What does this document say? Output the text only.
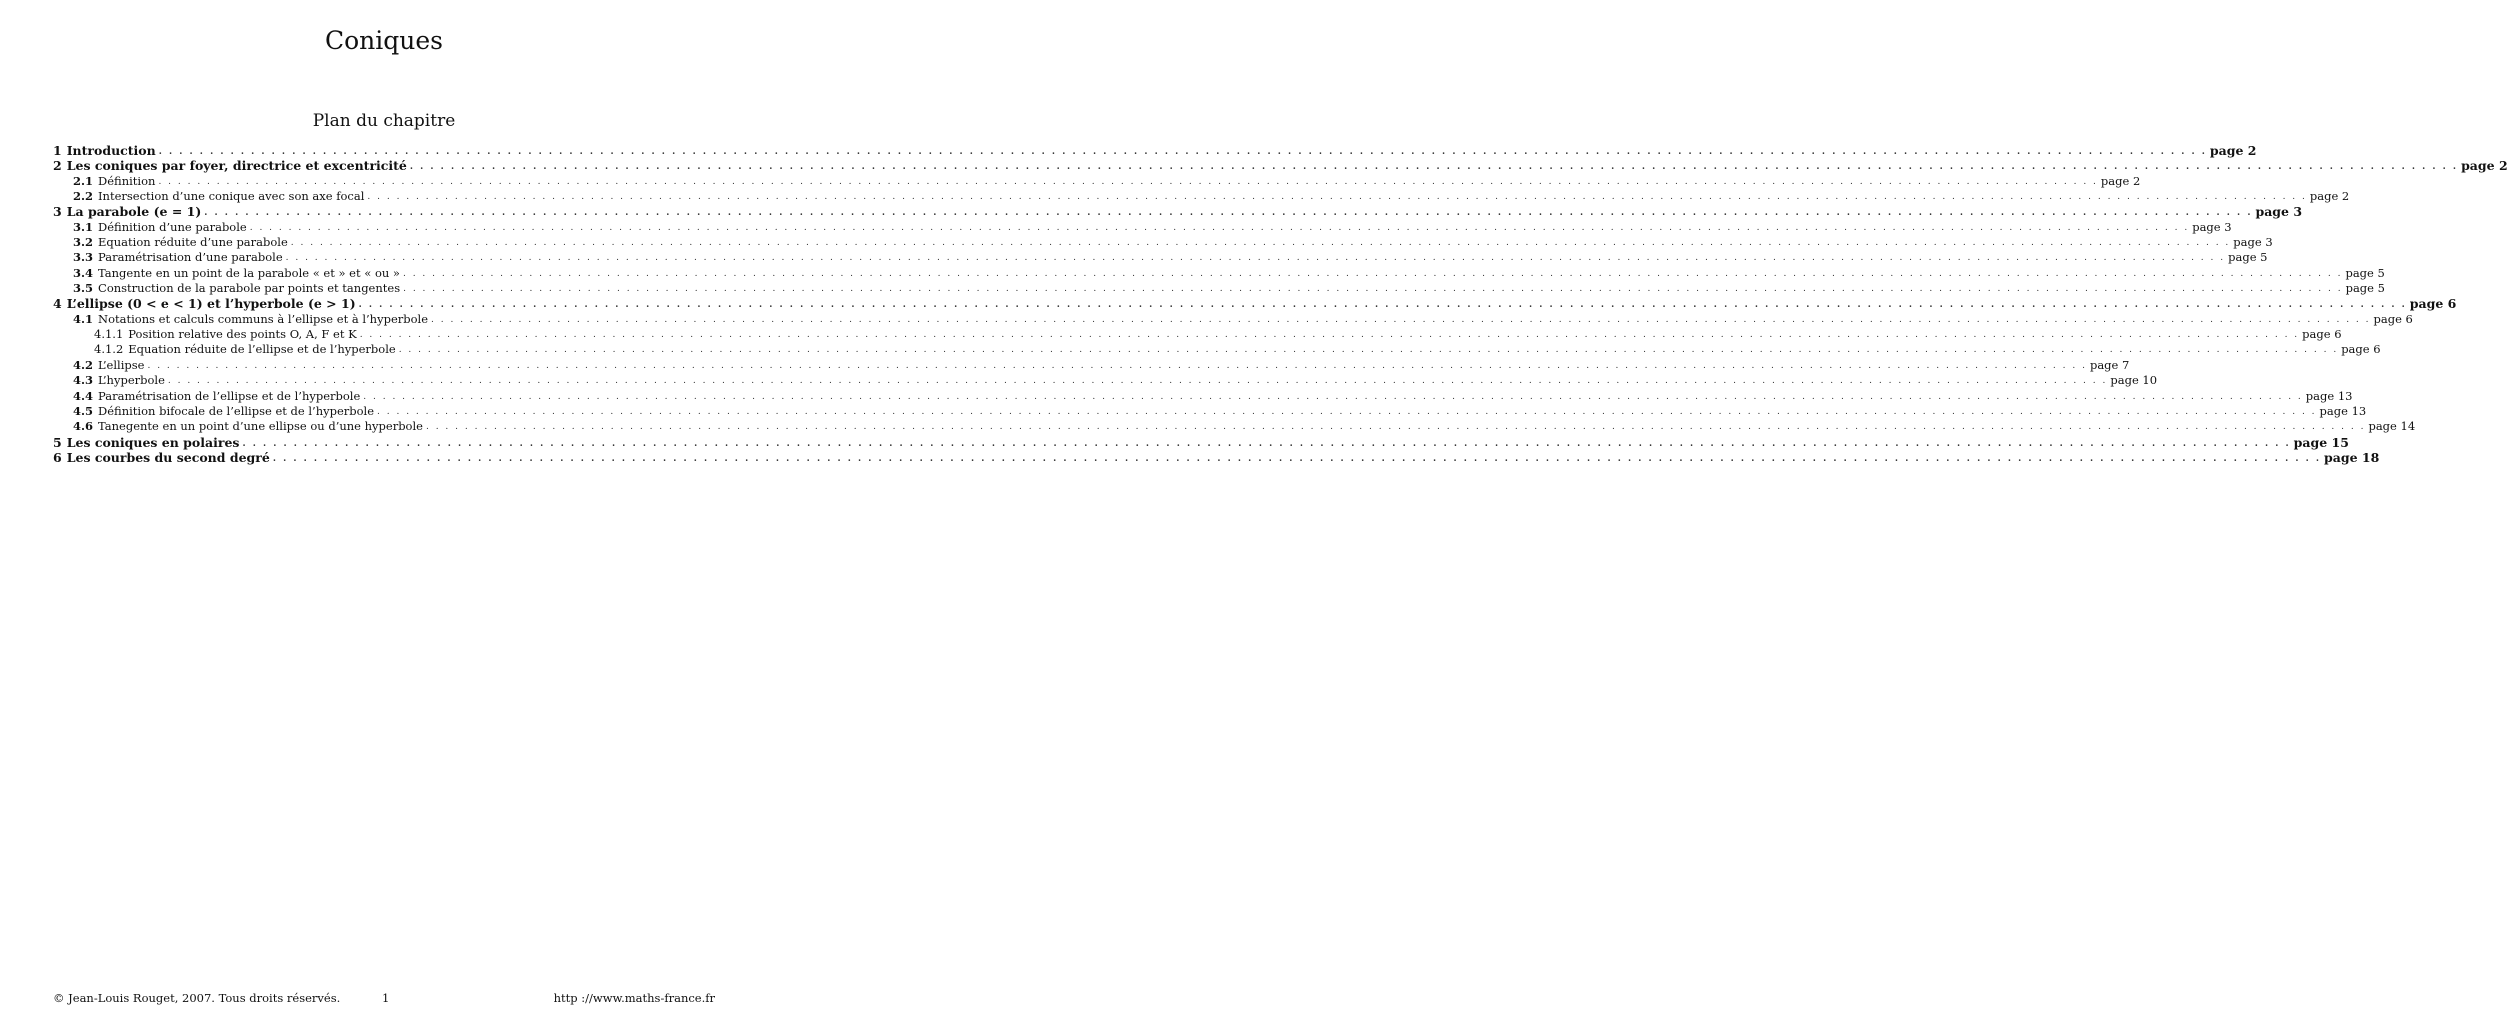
Coniques
Plan du chapitre
1 Introduction . . . . . . . . . . . . . . . . . . . . . . . . . . . . . . . . . . . . . . . . . . . . . . . . . . . . . . . . . . . . . . . . . . . . . . . . . . . . . . . . . . . . . . . . . . . . . . . . . . . . . . . . . . . . . . . . . . . . . . . . . . . . . . . . . . . . . . . . . . . . . . . . . . . . . . . . . . . . . . . . . . . . . . . . . . . . . . . . . . . . . . . . . . . . . . . . . . . . . . . . page 2
2 Les coniques par foyer, directrice et excentricité . . . . . . . . . . . . . . . . . . . . . . . . . . . . . . . . . . . . . . . . . . . . . . . . . . . . . . . . . . . . . . . . . . . . . . . . . . . . . . . . . . . . . . . . . . . . . . . . . . . . . . . . . . . . . . . . . . . . . . . . . . . . . . . . . . . . . . . . . . . . . . . . . . . . . . . . . . . . . . . . . . . . . . . . . . . . . . . . . . . . . . . . . . . . . . . . . . . . . . . . page 2
2.1 Définition . . . . . . . . . . . . . . . . . . . . . . . . . . . . . . . . . . . . . . . . . . . . . . . . . . . . . . . . . . . . . . . . . . . . . . . . . . . . . . . . . . . . . . . . . . . . . . . . . . . . . . . . . . . . . . . . . . . . . . . . . . . . . . . . . . . . . . . . . . . . . . . . . . . . . . . . . . . . . . . . . . . . . . . . . . . . . . . . . . . . . . . . . . . . . . . . . . . . . . . . page 2
2.2 Intersection d’une conique avec son axe focal . . . . . . . . . . . . . . . . . . . . . . . . . . . . . . . . . . . . . . . . . . . . . . . . . . . . . . . . . . . . . . . . . . . . . . . . . . . . . . . . . . . . . . . . . . . . . . . . . . . . . . . . . . . . . . . . . . . . . . . . . . . . . . . . . . . . . . . . . . . . . . . . . . . . . . . . . . . . . . . . . . . . . . . . . . . . . . . . . . . . . . . . . . . . . . . . . . . . . . . . page 2
3 La parabole (e = 1) . . . . . . . . . . . . . . . . . . . . . . . . . . . . . . . . . . . . . . . . . . . . . . . . . . . . . . . . . . . . . . . . . . . . . . . . . . . . . . . . . . . . . . . . . . . . . . . . . . . . . . . . . . . . . . . . . . . . . . . . . . . . . . . . . . . . . . . . . . . . . . . . . . . . . . . . . . . . . . . . . . . . . . . . . . . . . . . . . . . . . . . . . . . . . . . . . . . . . . . . page 3
3.1 Définition d’une parabole . . . . . . . . . . . . . . . . . . . . . . . . . . . . . . . . . . . . . . . . . . . . . . . . . . . . . . . . . . . . . . . . . . . . . . . . . . . . . . . . . . . . . . . . . . . . . . . . . . . . . . . . . . . . . . . . . . . . . . . . . . . . . . . . . . . . . . . . . . . . . . . . . . . . . . . . . . . . . . . . . . . . . . . . . . . . . . . . . . . . . . . . . . . . . . . . . . . . . . . . page 3
3.2 Equation réduite d’une parabole . . . . . . . . . . . . . . . . . . . . . . . . . . . . . . . . . . . . . . . . . . . . . . . . . . . . . . . . . . . . . . . . . . . . . . . . . . . . . . . . . . . . . . . . . . . . . . . . . . . . . . . . . . . . . . . . . . . . . . . . . . . . . . . . . . . . . . . . . . . . . . . . . . . . . . . . . . . . . . . . . . . . . . . . . . . . . . . . . . . . . . . . . . . . . . . . . . . . . . . . page 3
3.3 Paramétrisation d’une parabole . . . . . . . . . . . . . . . . . . . . . . . . . . . . . . . . . . . . . . . . . . . . . . . . . . . . . . . . . . . . . . . . . . . . . . . . . . . . . . . . . . . . . . . . . . . . . . . . . . . . . . . . . . . . . . . . . . . . . . . . . . . . . . . . . . . . . . . . . . . . . . . . . . . . . . . . . . . . . . . . . . . . . . . . . . . . . . . . . . . . . . . . . . . . . . . . . . . . . . . . page 5
3.4 Tangente en un point de la parabole « et » et « ou » . . . . . . . . . . . . . . . . . . . . . . . . . . . . . . . . . . . . . . . . . . . . . . . . . . . . . . . . . . . . . . . . . . . . . . . . . . . . . . . . . . . . . . . . . . . . . . . . . . . . . . . . . . . . . . . . . . . . . . . . . . . . . . . . . . . . . . . . . . . . . . . . . . . . . . . . . . . . . . . . . . . . . . . . . . . . . . . . . . . . . . . . . . . . . . . . . . . . . . . . page 5
3.5 Construction de la parabole par points et tangentes . . . . . . . . . . . . . . . . . . . . . . . . . . . . . . . . . . . . . . . . . . . . . . . . . . . . . . . . . . . . . . . . . . . . . . . . . . . . . . . . . . . . . . . . . . . . . . . . . . . . . . . . . . . . . . . . . . . . . . . . . . . . . . . . . . . . . . . . . . . . . . . . . . . . . . . . . . . . . . . . . . . . . . . . . . . . . . . . . . . . . . . . . . . . . . . . . . . . . . . . page 5
4 L’ellipse (0 < e < 1) et l’hyperbole (e > 1) . . . . . . . . . . . . . . . . . . . . . . . . . . . . . . . . . . . . . . . . . . . . . . . . . . . . . . . . . . . . . . . . . . . . . . . . . . . . . . . . . . . . . . . . . . . . . . . . . . . . . . . . . . . . . . . . . . . . . . . . . . . . . . . . . . . . . . . . . . . . . . . . . . . . . . . . . . . . . . . . . . . . . . . . . . . . . . . . . . . . . . . . . . . . . . . . . . . . . . . . page 6
4.1 Notations et calculs communs à l’ellipse et à l’hyperbole . . . . . . . . . . . . . . . . . . . . . . . . . . . . . . . . . . . . . . . . . . . . . . . . . . . . . . . . . . . . . . . . . . . . . . . . . . . . . . . . . . . . . . . . . . . . . . . . . . . . . . . . . . . . . . . . . . . . . . . . . . . . . . . . . . . . . . . . . . . . . . . . . . . . . . . . . . . . . . . . . . . . . . . . . . . . . . . . . . . . . . . . . . . . . . . . . . . . . . . . page 6
4.1.1 Position relative des points O, A, F et K . . . . . . . . . . . . . . . . . . . . . . . . . . . . . . . . . . . . . . . . . . . . . . . . . . . . . . . . . . . . . . . . . . . . . . . . . . . . . . . . . . . . . . . . . . . . . . . . . . . . . . . . . . . . . . . . . . . . . . . . . . . . . . . . . . . . . . . . . . . . . . . . . . . . . . . . . . . . . . . . . . . . . . . . . . . . . . . . . . . . . . . . . . . . . . . . . . . . . . . . page 6
4.1.2 Equation réduite de l’ellipse et de l’hyperbole . . . . . . . . . . . . . . . . . . . . . . . . . . . . . . . . . . . . . . . . . . . . . . . . . . . . . . . . . . . . . . . . . . . . . . . . . . . . . . . . . . . . . . . . . . . . . . . . . . . . . . . . . . . . . . . . . . . . . . . . . . . . . . . . . . . . . . . . . . . . . . . . . . . . . . . . . . . . . . . . . . . . . . . . . . . . . . . . . . . . . . . . . . . . . . . . . . . . . . . . page 6
4.2 L’ellipse . . . . . . . . . . . . . . . . . . . . . . . . . . . . . . . . . . . . . . . . . . . . . . . . . . . . . . . . . . . . . . . . . . . . . . . . . . . . . . . . . . . . . . . . . . . . . . . . . . . . . . . . . . . . . . . . . . . . . . . . . . . . . . . . . . . . . . . . . . . . . . . . . . . . . . . . . . . . . . . . . . . . . . . . . . . . . . . . . . . . . . . . . . . . . . . . . . . . . . . . page 7
4.3 L’hyperbole . . . . . . . . . . . . . . . . . . . . . . . . . . . . . . . . . . . . . . . . . . . . . . . . . . . . . . . . . . . . . . . . . . . . . . . . . . . . . . . . . . . . . . . . . . . . . . . . . . . . . . . . . . . . . . . . . . . . . . . . . . . . . . . . . . . . . . . . . . . . . . . . . . . . . . . . . . . . . . . . . . . . . . . . . . . . . . . . . . . . . . . . . . . . . . . . . . . . . . . . page 10
4.4 Paramétrisation de l’ellipse et de l’hyperbole . . . . . . . . . . . . . . . . . . . . . . . . . . . . . . . . . . . . . . . . . . . . . . . . . . . . . . . . . . . . . . . . . . . . . . . . . . . . . . . . . . . . . . . . . . . . . . . . . . . . . . . . . . . . . . . . . . . . . . . . . . . . . . . . . . . . . . . . . . . . . . . . . . . . . . . . . . . . . . . . . . . . . . . . . . . . . . . . . . . . . . . . . . . . . . . . . . . . . . . . page 13
4.5 Définition bifocale de l’ellipse et de l’hyperbole . . . . . . . . . . . . . . . . . . . . . . . . . . . . . . . . . . . . . . . . . . . . . . . . . . . . . . . . . . . . . . . . . . . . . . . . . . . . . . . . . . . . . . . . . . . . . . . . . . . . . . . . . . . . . . . . . . . . . . . . . . . . . . . . . . . . . . . . . . . . . . . . . . . . . . . . . . . . . . . . . . . . . . . . . . . . . . . . . . . . . . . . . . . . . . . . . . . . . . . . page 13
4.6 Tanegente en un point d’une ellipse ou d’une hyperbole . . . . . . . . . . . . . . . . . . . . . . . . . . . . . . . . . . . . . . . . . . . . . . . . . . . . . . . . . . . . . . . . . . . . . . . . . . . . . . . . . . . . . . . . . . . . . . . . . . . . . . . . . . . . . . . . . . . . . . . . . . . . . . . . . . . . . . . . . . . . . . . . . . . . . . . . . . . . . . . . . . . . . . . . . . . . . . . . . . . . . . . . . . . . . . . . . . . . . . . . page 14
5 Les coniques en polaires . . . . . . . . . . . . . . . . . . . . . . . . . . . . . . . . . . . . . . . . . . . . . . . . . . . . . . . . . . . . . . . . . . . . . . . . . . . . . . . . . . . . . . . . . . . . . . . . . . . . . . . . . . . . . . . . . . . . . . . . . . . . . . . . . . . . . . . . . . . . . . . . . . . . . . . . . . . . . . . . . . . . . . . . . . . . . . . . . . . . . . . . . . . . . . . . . . . . . . . . page 15
6 Les courbes du second degré . . . . . . . . . . . . . . . . . . . . . . . . . . . . . . . . . . . . . . . . . . . . . . . . . . . . . . . . . . . . . . . . . . . . . . . . . . . . . . . . . . . . . . . . . . . . . . . . . . . . . . . . . . . . . . . . . . . . . . . . . . . . . . . . . . . . . . . . . . . . . . . . . . . . . . . . . . . . . . . . . . . . . . . . . . . . . . . . . . . . . . . . . . . . . . . . . . . . . . . . page 18
© Jean-Louis Rouget, 2007. Tous droits réservés.	1	http ://www.maths-france.fr
